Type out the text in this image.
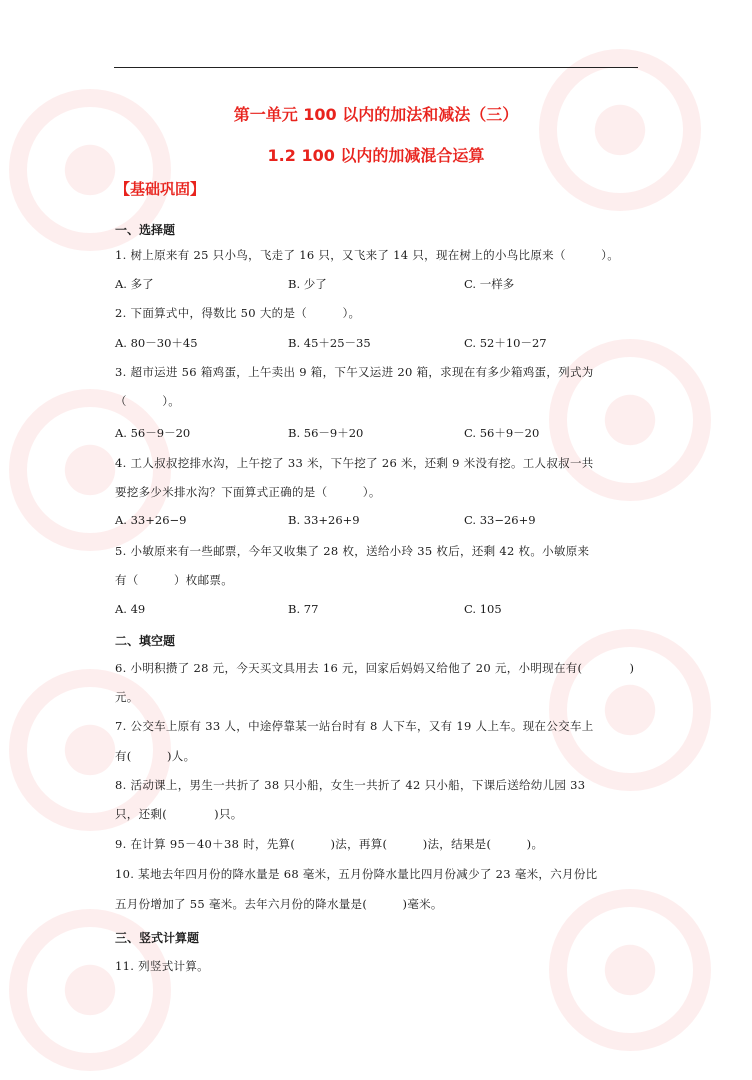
第一单元 100 以内的加法和减法（三）
1.2 100 以内的加减混合运算
【基础巩固】
一、选择题
1. 树上原来有 25 只小鸟，飞走了 16 只，又飞来了 14 只，现在树上的小鸟比原来（　　　）。
A. 多了	B. 少了	C. 一样多
2. 下面算式中，得数比 50 大的是（　　　）。
A. 80－30＋45	B. 45＋25－35	C. 52＋10－27
3. 超市运进 56 箱鸡蛋，上午卖出 9 箱，下午又运进 20 箱，求现在有多少箱鸡蛋，列式为
（　　　）。
A. 56－9－20	B. 56－9＋20	C. 56＋9－20
4. 工人叔叔挖排水沟，上午挖了 33 米，下午挖了 26 米，还剩 9 米没有挖。工人叔叔一共
要挖多少米排水沟？下面算式正确的是（　　　）。
A. 33+26−9	B. 33+26+9	C. 33−26+9
5. 小敏原来有一些邮票，今年又收集了 28 枚，送给小玲 35 枚后，还剩 42 枚。小敏原来
有（　　　）枚邮票。
A. 49	B. 77	C. 105
二、填空题
6. 小明积攒了 28 元，今天买文具用去 16 元，回家后妈妈又给他了 20 元，小明现在有(　　　　)
元。
7. 公交车上原有 33 人，中途停靠某一站台时有 8 人下车，又有 19 人上车。现在公交车上
有(　　　)人。
8. 活动课上，男生一共折了 38 只小船，女生一共折了 42 只小船，下课后送给幼儿园 33
只，还剩(　　　　)只。
9. 在计算 95－40＋38 时，先算(　　　)法，再算(　　　)法，结果是(　　　)。
10. 某地去年四月份的降水量是 68 毫米，五月份降水量比四月份减少了 23 毫米，六月份比
五月份增加了 55 毫米。去年六月份的降水量是(　　　)毫米。
三、竖式计算题
11. 列竖式计算。
